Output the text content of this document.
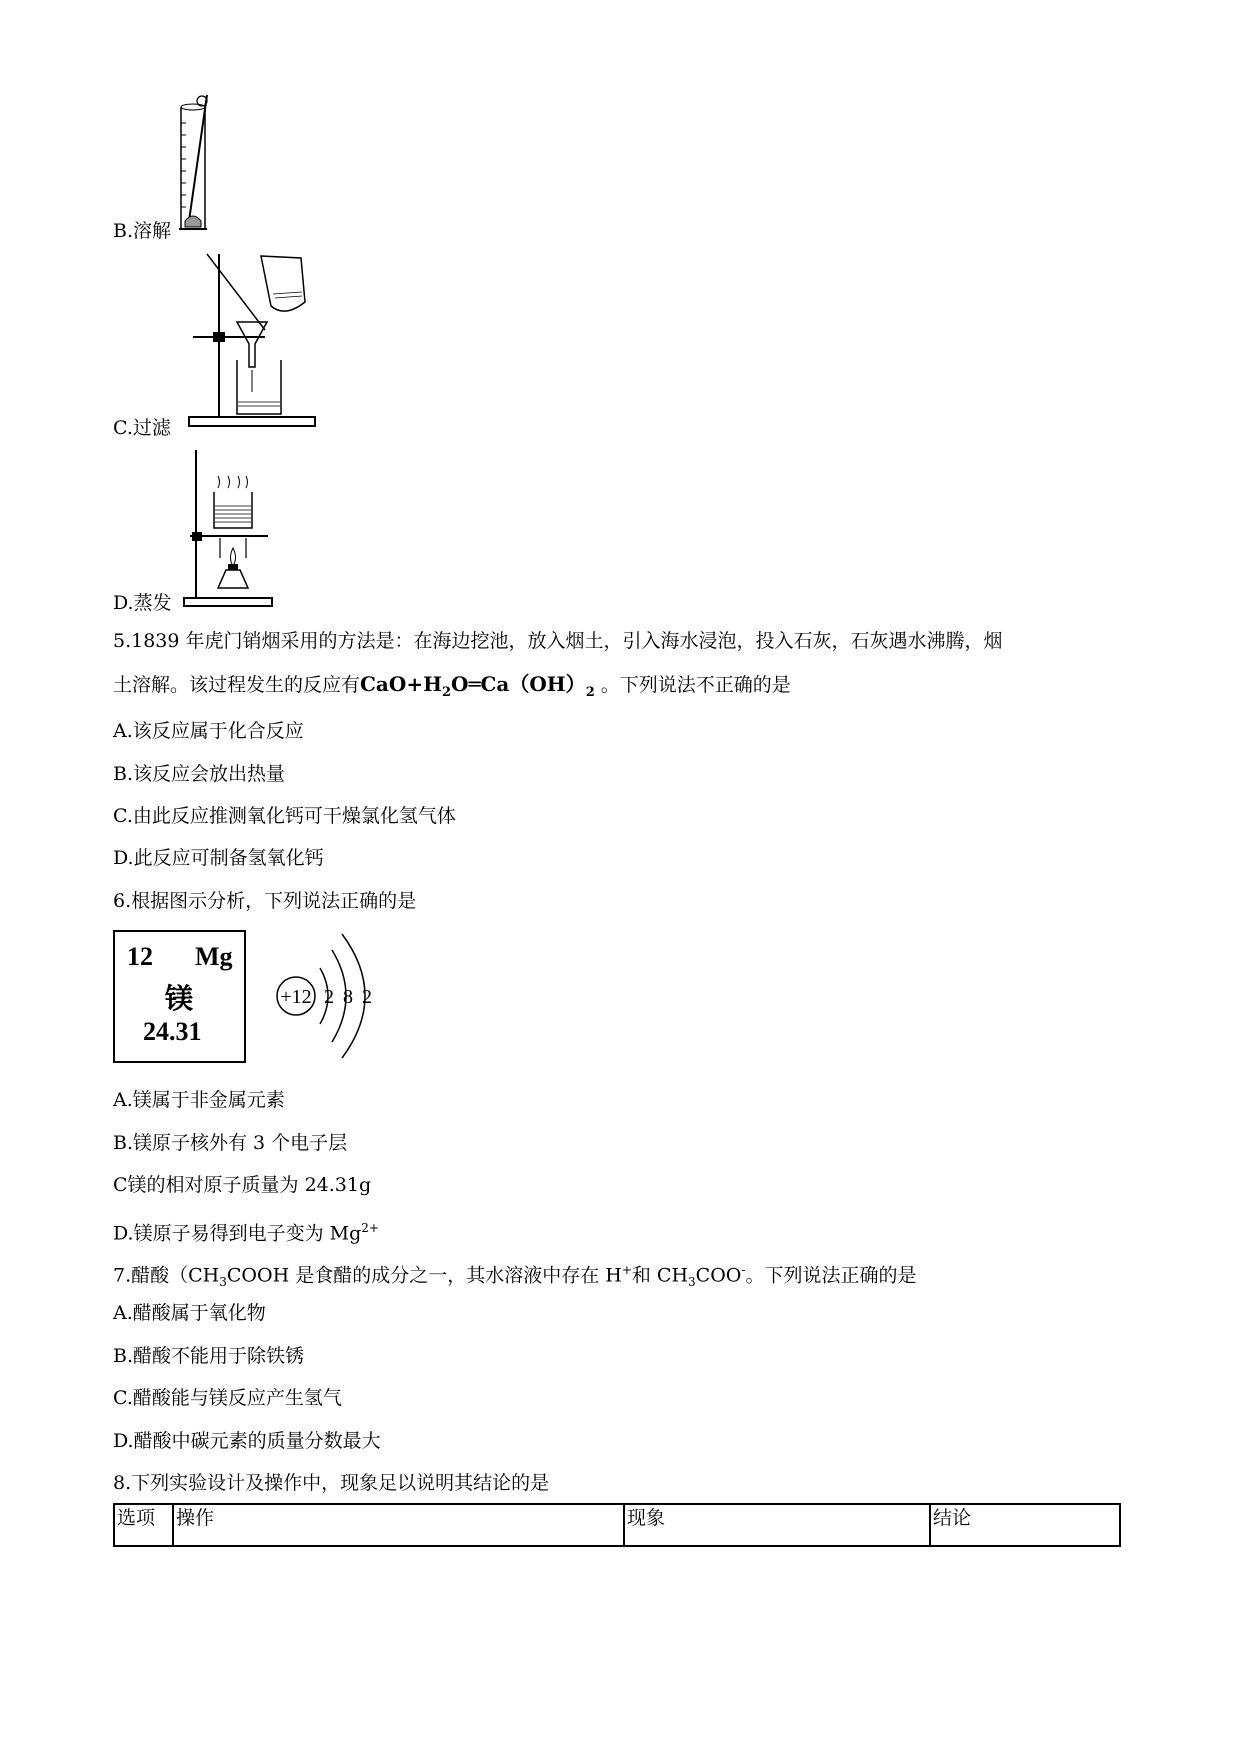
B.溶解
C.过滤
D.蒸发
5.1839 年虎门销烟采用的方法是：在海边挖池，放入烟土，引入海水浸泡，投入石灰，石灰遇水沸腾，烟
土溶解。该过程发生的反应有$CaO+H_2O═Ca(OH)_2$ 。下列说法不正确的是
A.该反应属于化合反应
B.该反应会放出热量
C.由此反应推测氧化钙可干燥氯化氢气体
D.此反应可制备氢氧化钙
6.根据图示分析，下列说法正确的是
12 Mg
镁
24.31
+12 2 8 2
A.镁属于非金属元素
B.镁原子核外有 3 个电子层
C镁的相对原子质量为 24.31g
D.镁原子易得到电子变为 $Mg^{2+}$
7.醋酸（$CH_3COOH$ 是食醋的成分之一，其水溶液中存在 H+和 $CH_3COO^-$。下列说法正确的是
A.醋酸属于氧化物
B.醋酸不能用于除铁锈
C.醋酸能与镁反应产生氢气
D.醋酸中碳元素的质量分数最大
8.下列实验设计及操作中，现象足以说明其结论的是
选项	操作	现象	结论
